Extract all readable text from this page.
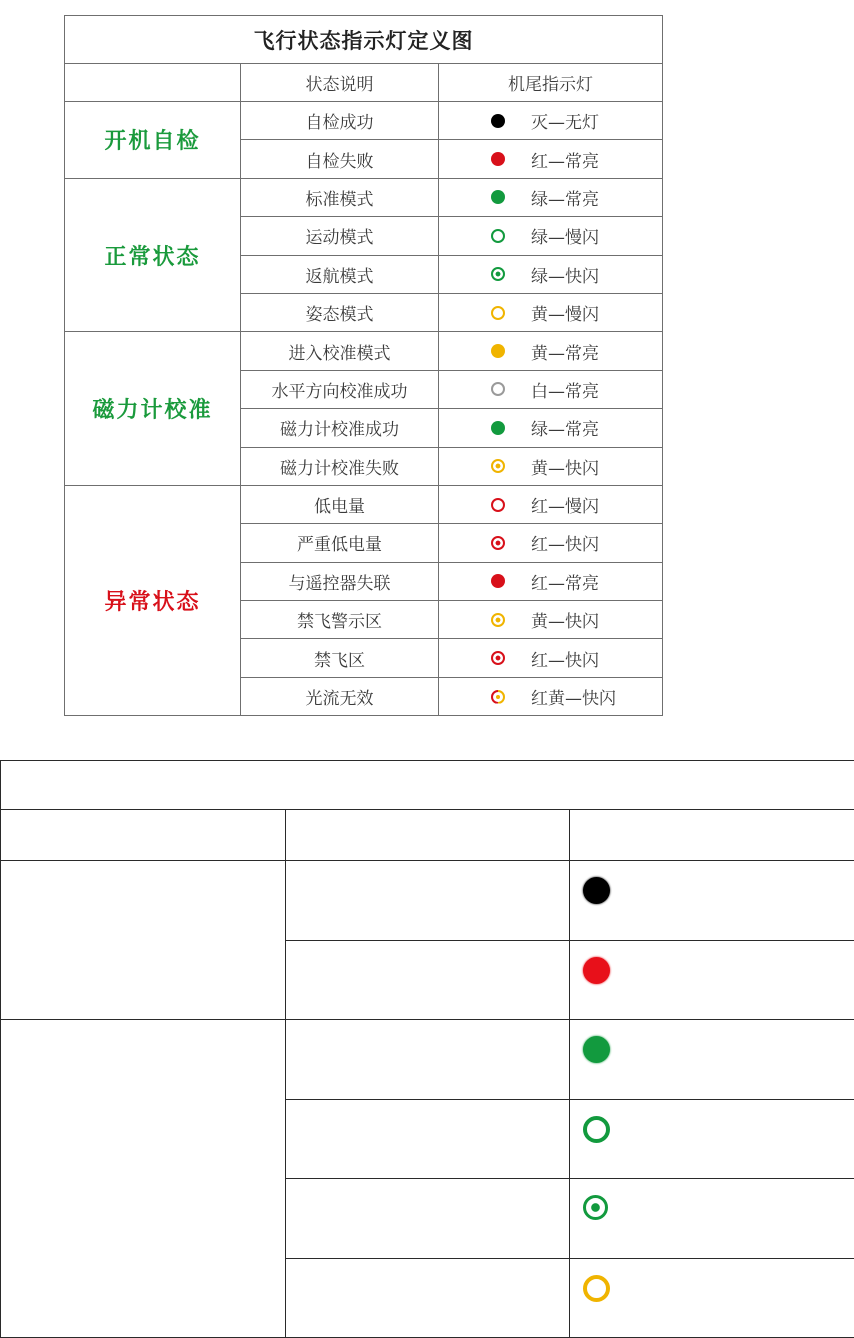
飞行状态指示灯定义图		
	状态说明	机尾指示灯
开机自检	自检成功	灭—无灯

	自检失败	红—常亮

正常状态	标准模式	绿—常亮

	运动模式	绿—慢闪

	返航模式	绿—快闪

	姿态模式	黄—慢闪

磁力计校准	进入校准模式	黄—常亮

	水平方向校准成功	白—常亮

	磁力计校准成功	绿—常亮

	磁力计校准失败	黄—快闪

异常状态	低电量	红—慢闪

	严重低电量	红—快闪

	与遥控器失联	红—常亮

	禁飞警示区	黄—快闪

	禁飞区	红—快闪

	光流无效	红黄—快闪
